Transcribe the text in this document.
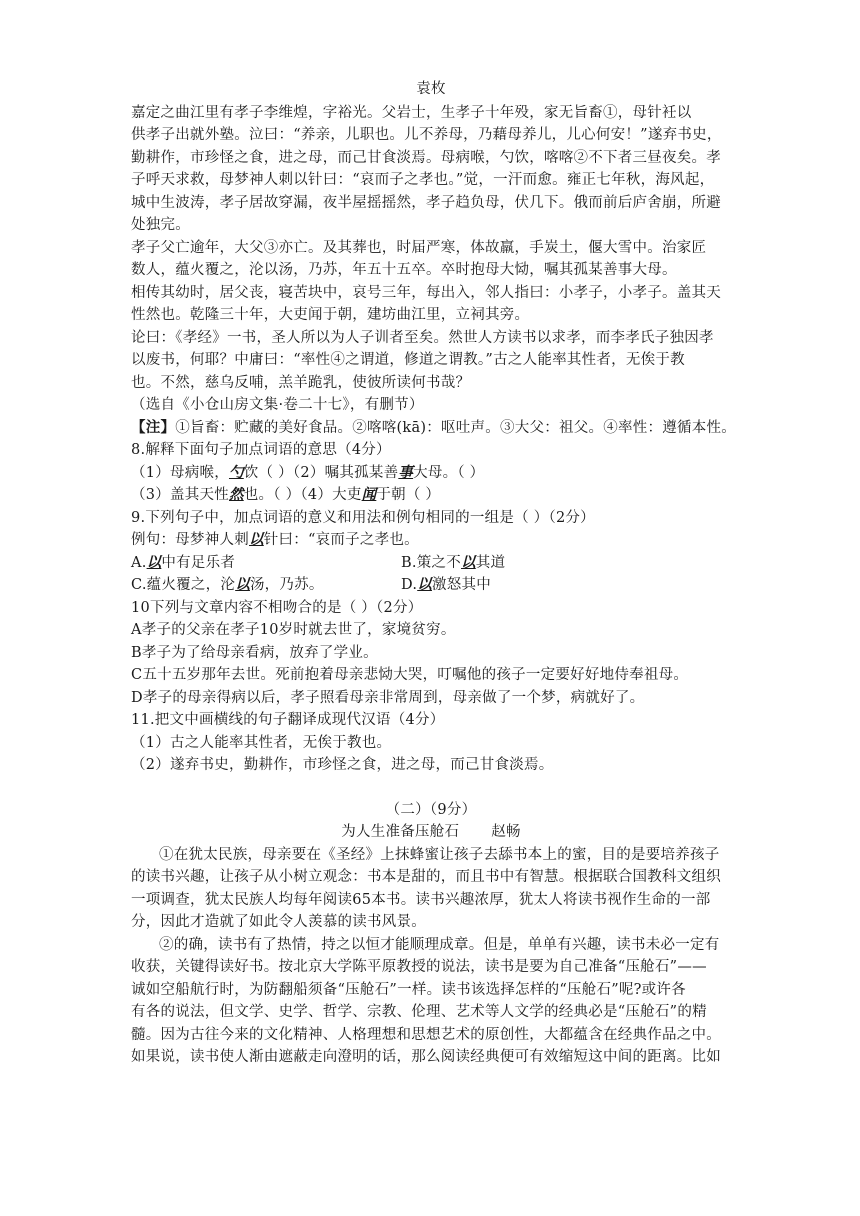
袁枚

嘉定之曲江里有孝子李维煌，字裕光。父岩士，生孝子十年殁，家无旨畜①，母针衽以

供孝子出就外塾。泣曰：“养亲，儿职也。儿不养母，乃藉母养儿，儿心何安！”遂弃书史，

勤耕作，市珍怪之食，进之母，而己甘食淡焉。母病喉，勺饮，喀喀②不下者三昼夜矣。孝

子呼天求救，母梦神人刺以针曰：“哀而子之孝也。”觉，一汗而愈。雍正七年秋，海风起，

城中生波涛，孝子居故穿漏，夜半屋摇摇然，孝子趋负母，伏几下。俄而前后庐舍崩，所避

处独完。

孝子父亡逾年，大父③亦亡。及其葬也，时届严寒，体故羸，手炭土，偃大雪中。治家匠

数人，蕴火覆之，沦以汤，乃苏，年五十五卒。卒时抱母大恸，嘱其孤某善事大母。

相传其幼时，居父丧，寝苦块中，哀号三年，每出入，邻人指曰：小孝子，小孝子。盖其天

性然也。乾隆三十年，大吏闻于朝，建坊曲江里，立祠其旁。

论曰：《孝经》一书，圣人所以为人子训者至矣。然世人方读书以求孝，而李孝氏子独因孝

以废书，何耶？中庸曰：“率性④之谓道，修道之谓教。”古之人能率其性者，无俟于教

也。不然，慈乌反哺，羔羊跪乳，使彼所读何书哉？

（选自《小仓山房文集·卷二十七》，有删节）

【注】①旨畜：贮藏的美好食品。②喀喀(kā)：呕吐声。③大父：祖父。④率性：遵循本性。

8.解释下面句子加点词语的意思（4分）

（1）母病喉，勺饮（ ）（2）嘱其孤某善事大母。（ ）

（3）盖其天性然也。（ ）（4）大吏闻于朝（ ）

9.下列句子中，加点词语的意义和用法和例句相同的一组是（ ）（2分）

例句：母梦神人刺以针曰：“哀而子之孝也。

A.以中有足乐者	B.策之不以其道

C.蕴火覆之，沦以汤，乃苏。	D.以激怒其中

10下列与文章内容不相吻合的是（ ）（2分）

A孝子的父亲在孝子10岁时就去世了，家境贫穷。

B孝子为了给母亲看病，放弃了学业。

C五十五岁那年去世。死前抱着母亲悲恸大哭，叮嘱他的孩子一定要好好地侍奉祖母。

D孝子的母亲得病以后，孝子照看母亲非常周到，母亲做了一个梦，病就好了。

11.把文中画横线的句子翻译成现代汉语（4分）

（1）古之人能率其性者，无俟于教也。

（2）遂弃书史，勤耕作，市珍怪之食，进之母，而己甘食淡焉。

（二）（9分）

为人生准备压舱石 赵畅

①在犹太民族，母亲要在《圣经》上抹蜂蜜让孩子去舔书本上的蜜，目的是要培养孩子

的读书兴趣，让孩子从小树立观念：书本是甜的，而且书中有智慧。根据联合国教科文组织

一项调查，犹太民族人均每年阅读65本书。读书兴趣浓厚，犹太人将读书视作生命的一部

分，因此才造就了如此令人羡慕的读书风景。

②的确，读书有了热情，持之以恒才能顺理成章。但是，单单有兴趣，读书未必一定有

收获，关键得读好书。按北京大学陈平原教授的说法，读书是要为自己准备“压舱石”——

诚如空船航行时，为防翻船须备“压舱石”一样。读书该选择怎样的“压舱石”呢?或许各

有各的说法，但文学、史学、哲学、宗教、伦理、艺术等人文学的经典必是“压舱石”的精

髓。因为古往今来的文化精神、人格理想和思想艺术的原创性，大都蕴含在经典作品之中。

如果说，读书使人渐由遮蔽走向澄明的话，那么阅读经典便可有效缩短这中间的距离。比如
